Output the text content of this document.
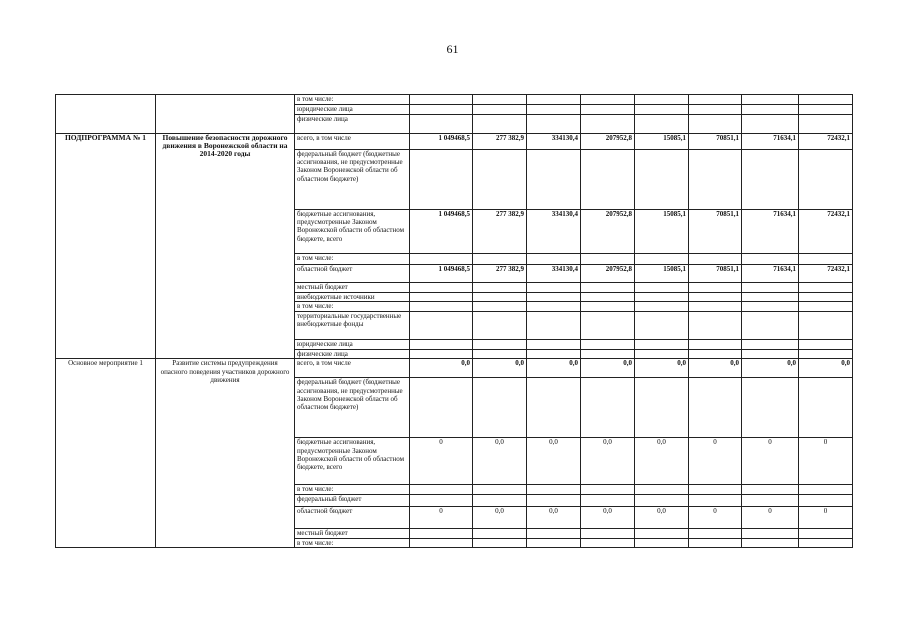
61
		в том числе:								
		юридические лица								
		физические лица								
ПОДПРОГРАММА № 1	Повышение безопасности дорожного движения в Воронежской области на 2014-2020 годы	всего, в том числе	1 049468,5	277 382,9	334130,4	207952,8	15085,1	70851,1	71634,1	72432,1
		федеральный бюджет (бюджетные ассигнования, не предусмотренные Законом Воронежской области об областном бюджете)								
		бюджетные ассигнования, предусмотренные Законом Воронежской области об областном бюджете, всего	1 049468,5	277 382,9	334130,4	207952,8	15085,1	70851,1	71634,1	72432,1
		в том числе:								
		областной бюджет	1 049468,5	277 382,9	334130,4	207952,8	15085,1	70851,1	71634,1	72432,1
		местный бюджет								
		внебюджетные источники								
		в том числе:								
		территориальные государственные внебюджетные фонды								
		юридические лица								
		физические лица								
Основное мероприятие 1	Развитие системы предупреждения опасного поведения участников дорожного движения	всего, в том числе	0,0	0,0	0,0	0,0	0,0	0,0	0,0	0,0
		федеральный бюджет (бюджетные ассигнования, не предусмотренные Законом Воронежской области об областном бюджете)								
		бюджетные ассигнования, предусмотренные Законом Воронежской области об областном бюджете, всего	0	0,0	0,0	0,0	0,0	0	0	0
		в том числе:								
		федеральный бюджет								
		областной бюджет	0	0,0	0,0	0,0	0,0	0	0	0
		местный бюджет								
		в том числе:								
